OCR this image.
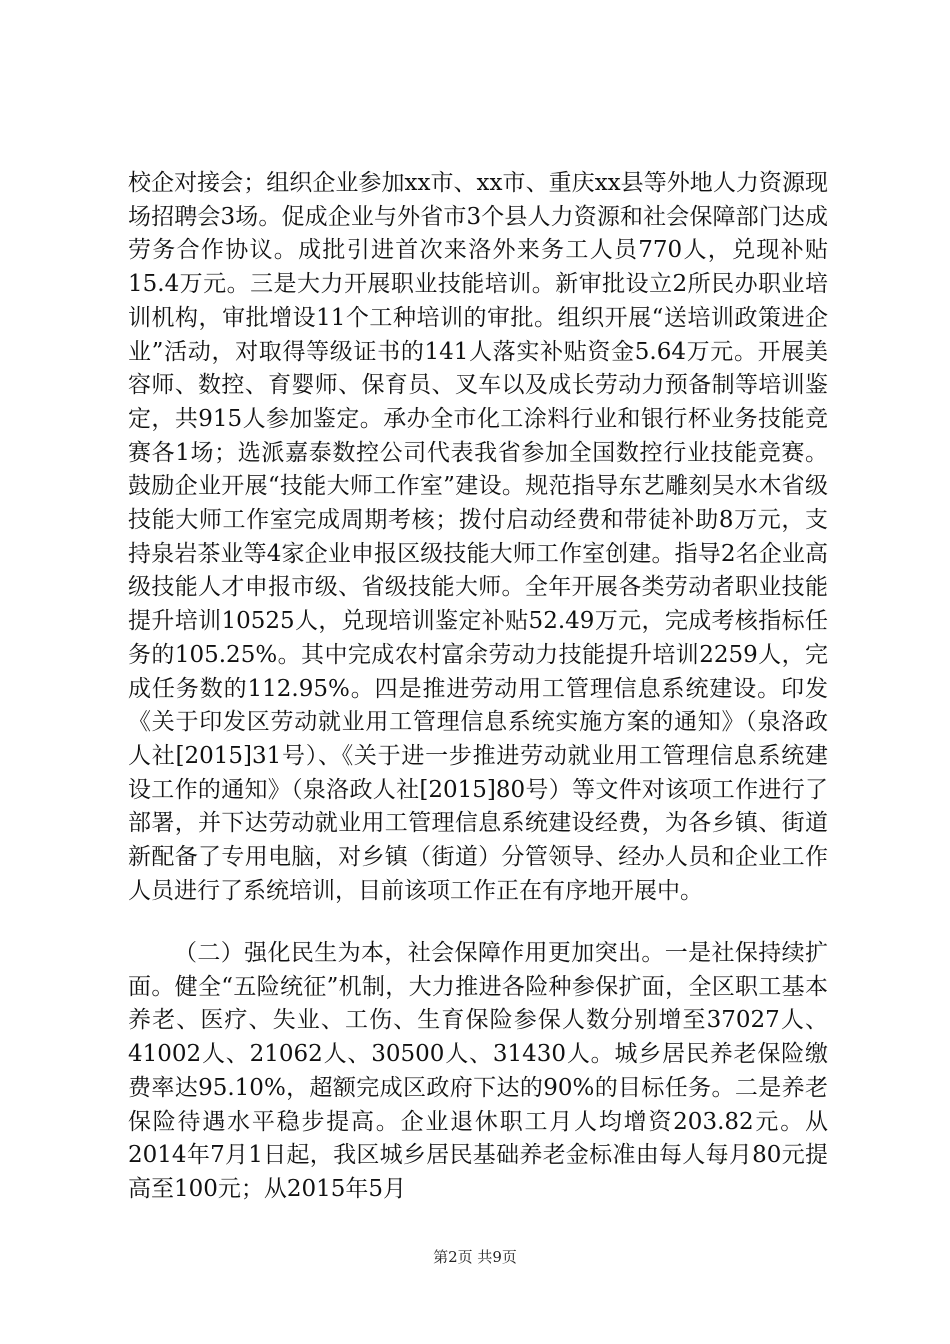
校企对接会；组织企业参加xx市、xx市、重庆xx县等外地人力资源现场招聘会3场。促成企业与外省市3个县人力资源和社会保障部门达成劳务合作协议。成批引进首次来洛外来务工人员770人，兑现补贴15.4万元。三是大力开展职业技能培训。新审批设立2所民办职业培训机构，审批增设11个工种培训的审批。组织开展“送培训政策进企业”活动，对取得等级证书的141人落实补贴资金5.64万元。开展美容师、数控、育婴师、保育员、叉车以及成长劳动力预备制等培训鉴定，共915人参加鉴定。承办全市化工涂料行业和银行杯业务技能竞赛各1场；选派嘉泰数控公司代表我省参加全国数控行业技能竞赛。鼓励企业开展“技能大师工作室”建设。规范指导东艺雕刻吴水木省级技能大师工作室完成周期考核；拨付启动经费和带徒补助8万元，支持泉岩茶业等4家企业申报区级技能大师工作室创建。指导2名企业高级技能人才申报市级、省级技能大师。全年开展各类劳动者职业技能提升培训10525人，兑现培训鉴定补贴52.49万元，完成考核指标任务的105.25%。其中完成农村富余劳动力技能提升培训2259人，完成任务数的112.95%。四是推进劳动用工管理信息系统建设。印发《关于印发区劳动就业用工管理信息系统实施方案的通知》（泉洛政人社[2015]31号）、《关于进一步推进劳动就业用工管理信息系统建设工作的通知》（泉洛政人社[2015]80号）等文件对该项工作进行了部署，并下达劳动就业用工管理信息系统建设经费，为各乡镇、街道新配备了专用电脑，对乡镇（街道）分管领导、经办人员和企业工作人员进行了系统培训，目前该项工作正在有序地开展中。

（二）强化民生为本，社会保障作用更加突出。一是社保持续扩面。健全“五险统征”机制，大力推进各险种参保扩面，全区职工基本养老、医疗、失业、工伤、生育保险参保人数分别增至37027人、41002人、21062人、30500人、31430人。城乡居民养老保险缴费率达95.10%，超额完成区政府下达的90%的目标任务。二是养老保险待遇水平稳步提高。企业退休职工月人均增资203.82元。从2014年7月1日起，我区城乡居民基础养老金标准由每人每月80元提高至100元；从2015年5月

第2页 共9页
